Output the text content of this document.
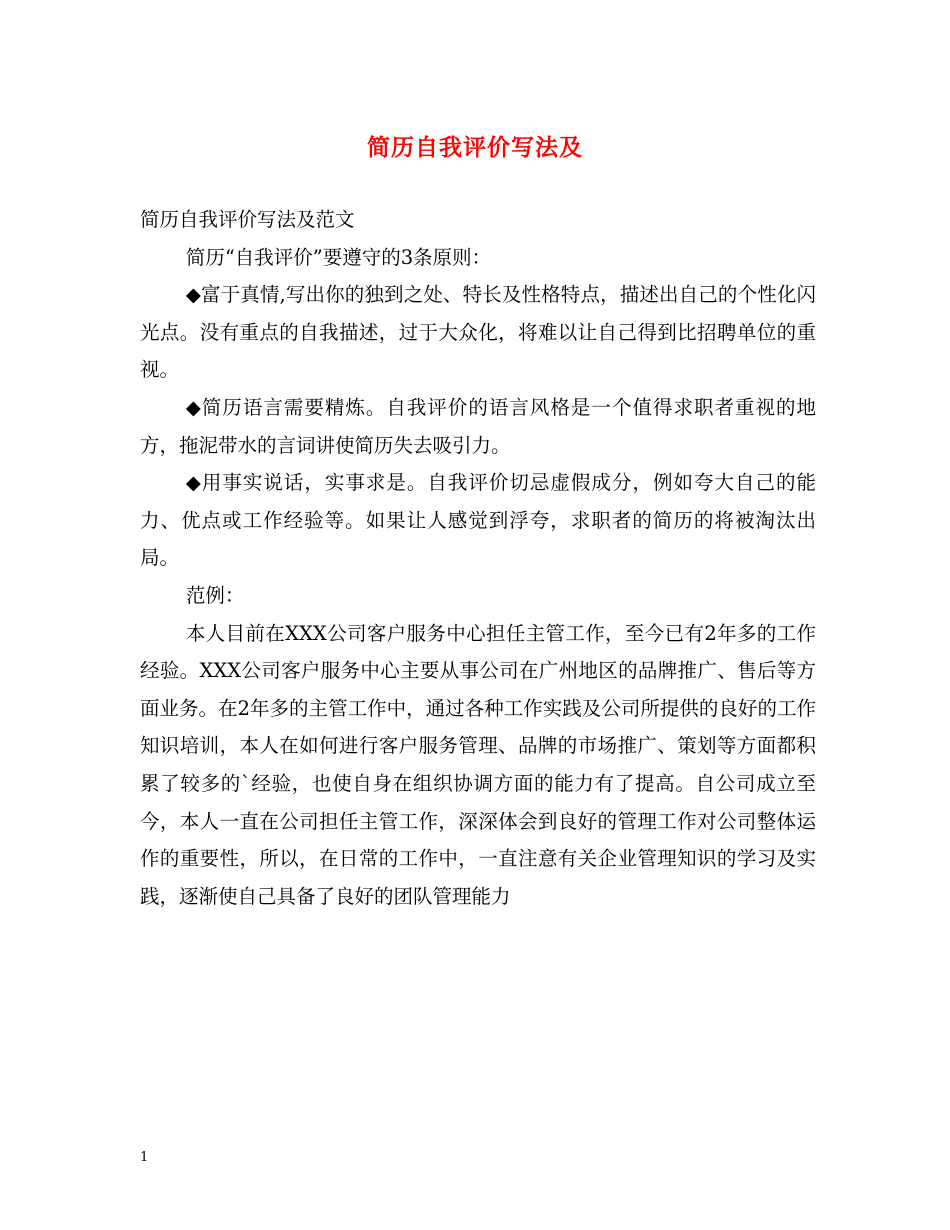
简历自我评价写法及

简历自我评价写法及范文

简历“自我评价”要遵守的3条原则：

◆富于真情,写出你的独到之处、特长及性格特点，描述出自己的个性化闪光点。没有重点的自我描述，过于大众化，将难以让自己得到比招聘单位的重视。

◆简历语言需要精炼。自我评价的语言风格是一个值得求职者重视的地方，拖泥带水的言词讲使简历失去吸引力。

◆用事实说话，实事求是。自我评价切忌虚假成分，例如夸大自己的能力、优点或工作经验等。如果让人感觉到浮夸，求职者的简历的将被淘汰出局。

范例：

本人目前在XXX公司客户服务中心担任主管工作，至今已有2年多的工作经验。XXX公司客户服务中心主要从事公司在广州地区的品牌推广、售后等方面业务。在2年多的主管工作中，通过各种工作实践及公司所提供的良好的工作知识培训，本人在如何进行客户服务管理、品牌的市场推广、策划等方面都积累了较多的`经验，也使自身在组织协调方面的能力有了提高。自公司成立至今，本人一直在公司担任主管工作，深深体会到良好的管理工作对公司整体运作的重要性，所以，在日常的工作中，一直注意有关企业管理知识的学习及实践，逐渐使自己具备了良好的团队管理能力

1
